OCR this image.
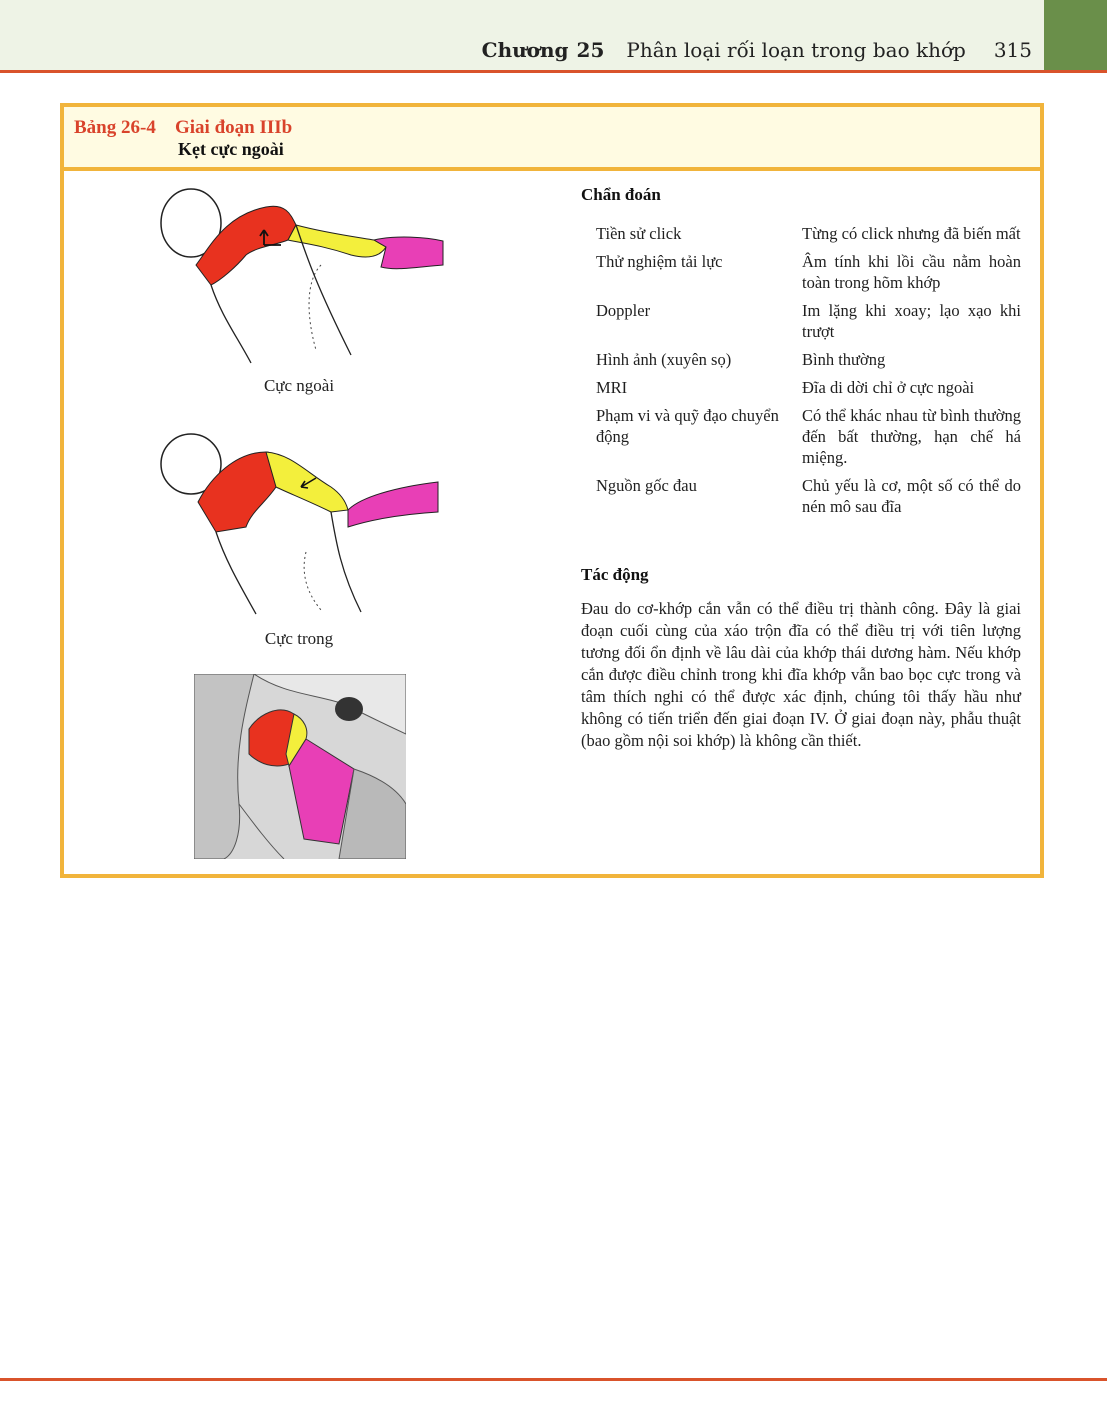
Chương 25 Phân loại rối loạn trong bao khớp 315
Bảng 26-4 Giai đoạn IIIb
Kẹt cực ngoài
Cực ngoài
Cực trong
Chẩn đoán
Tiền sử click	Từng có click nhưng đã biến mất
Thử nghiệm tải lực	Âm tính khi lồi cầu nằm hoàn toàn trong hõm khớp
Doppler	Im lặng khi xoay; lạo xạo khi trượt
Hình ảnh (xuyên sọ)	Bình thường
MRI	Đĩa di dời chỉ ở cực ngoài
Phạm vi và quỹ đạo chuyển động	Có thể khác nhau từ bình thường đến bất thường, hạn chế há miệng.
Nguồn gốc đau	Chủ yếu là cơ, một số có thể do nén mô sau đĩa
Tác động
Đau do cơ-khớp cắn vẫn có thể điều trị thành công. Đây là giai đoạn cuối cùng của xáo trộn đĩa có thể điều trị với tiên lượng tương đối ổn định về lâu dài của khớp thái dương hàm. Nếu khớp cắn được điều chỉnh trong khi đĩa khớp vẫn bao bọc cực trong và tâm thích nghi có thể được xác định, chúng tôi thấy hầu như không có tiến triển đến giai đoạn IV. Ở giai đoạn này, phẫu thuật (bao gồm nội soi khớp) là không cần thiết.
